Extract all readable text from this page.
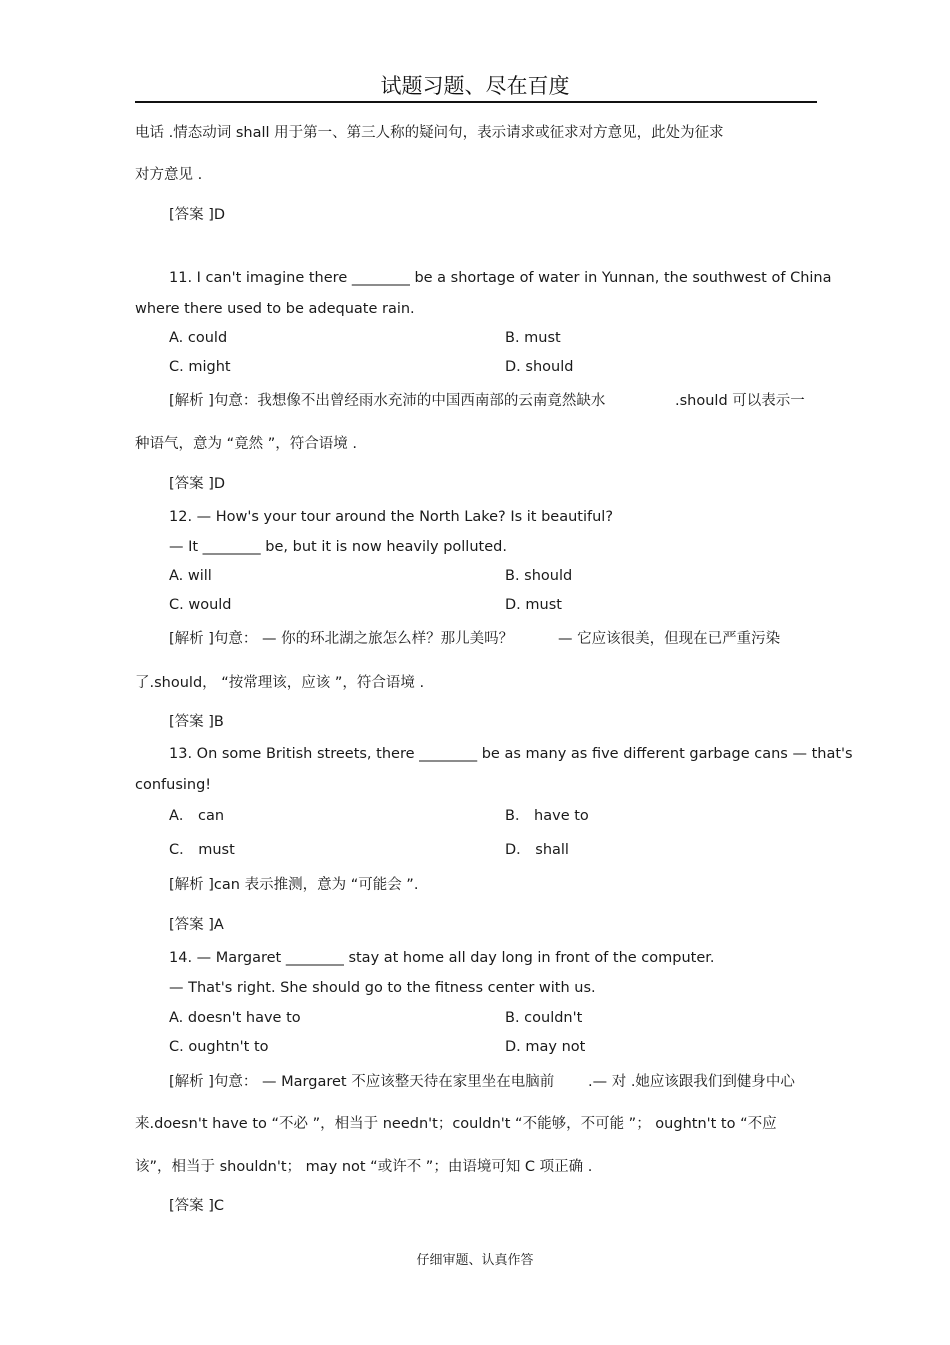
试题习题、尽在百度
电话 .情态动词 shall 用于第一、第三人称的疑问句，表示请求或征求对方意见，此处为征求
对方意见 .
[答案 ]D
11. I can't imagine there ________ be a shortage of water in Yunnan, the southwest of China
where there used to be adequate rain.
A. could	B. must
C. might	D. should
[解析 ]句意：我想像不出曾经雨水充沛的中国西南部的云南竟然缺水	.should 可以表示一
种语气，意为 “竟然 ”，符合语境 .
[答案 ]D
12. — How's your tour around the North Lake? Is it beautiful?
— It ________ be, but it is now heavily polluted.
A. will	B. should
C. would	D. must
[解析 ]句意： — 你的环北湖之旅怎么样？那儿美吗？	— 它应该很美，但现在已严重污染
了.should， “按常理该，应该 ”，符合语境 .
[答案 ]B
13. On some British streets, there ________ be as many as five different garbage cans — that's
confusing!
A． can	B． have to
C． must	D． shall
[解析 ]can 表示推测，意为 “可能会 ”.
[答案 ]A
14. — Margaret ________ stay at home all day long in front of the computer.
— That's right. She should go to the fitness center with us.
A. doesn't have to	B. couldn't
C. oughtn't to	D. may not
[解析 ]句意： — Margaret 不应该整天待在家里坐在电脑前 .— 对 .她应该跟我们到健身中心
来.doesn't have to “不必 ”，相当于 needn't；couldn't “不能够，不可能 ”； oughtn't to “不应
该”，相当于 shouldn't； may not “或许不 ”；由语境可知 C 项正确 .
[答案 ]C
仔细审题、认真作答
